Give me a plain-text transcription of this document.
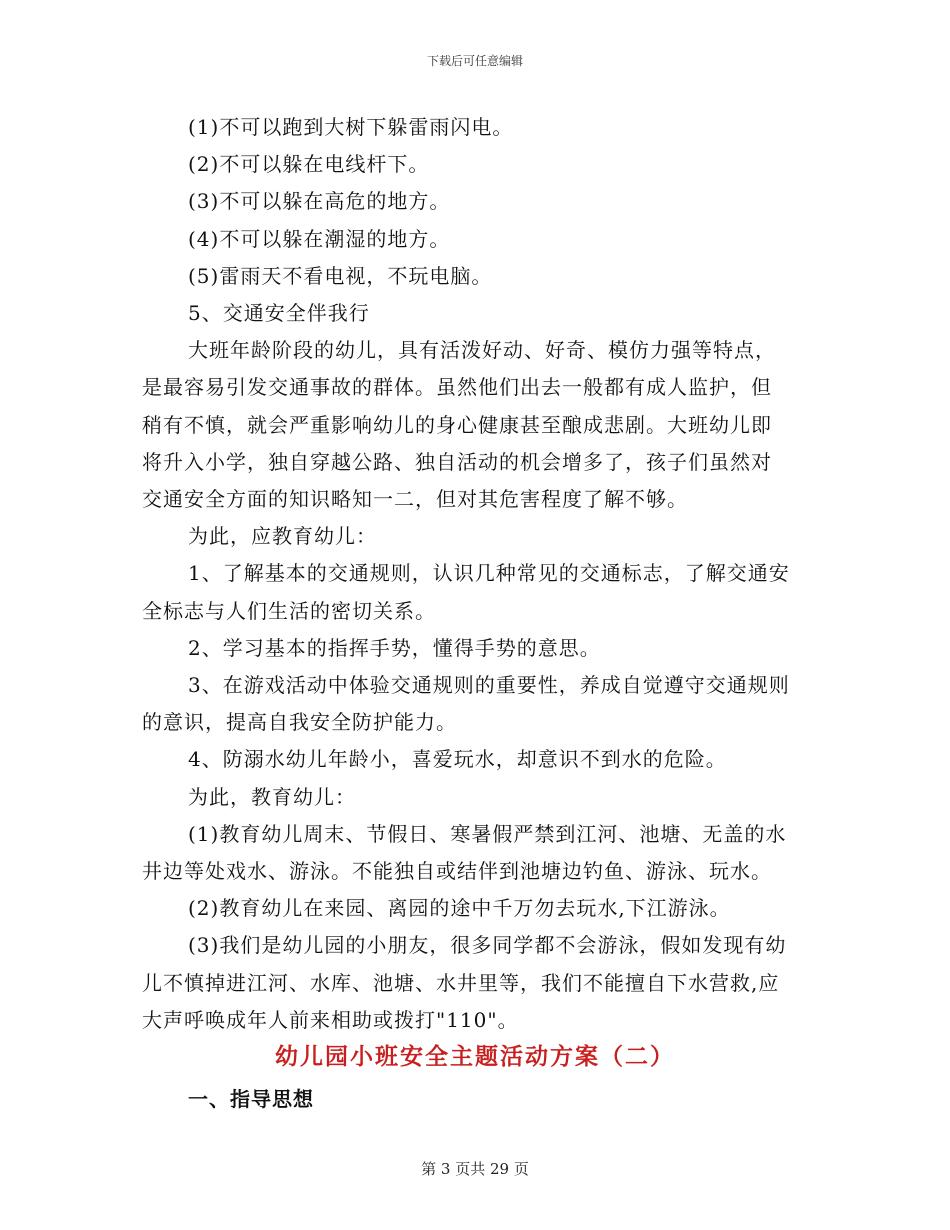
下载后可任意编辑
(1)不可以跑到大树下躲雷雨闪电。
(2)不可以躲在电线杆下。
(3)不可以躲在高危的地方。
(4)不可以躲在潮湿的地方。
(5)雷雨天不看电视，不玩电脑。
5、交通安全伴我行
大班年龄阶段的幼儿，具有活泼好动、好奇、模仿力强等特点，
是最容易引发交通事故的群体。虽然他们出去一般都有成人监护，但
稍有不慎，就会严重影响幼儿的身心健康甚至酿成悲剧。大班幼儿即
将升入小学，独自穿越公路、独自活动的机会增多了，孩子们虽然对
交通安全方面的知识略知一二，但对其危害程度了解不够。
为此，应教育幼儿：
1、了解基本的交通规则，认识几种常见的交通标志，了解交通安
全标志与人们生活的密切关系。
2、学习基本的指挥手势，懂得手势的意思。
3、在游戏活动中体验交通规则的重要性，养成自觉遵守交通规则
的意识，提高自我安全防护能力。
4、防溺水幼儿年龄小，喜爱玩水，却意识不到水的危险。
为此，教育幼儿：
(1)教育幼儿周末、节假日、寒暑假严禁到江河、池塘、无盖的水
井边等处戏水、游泳。不能独自或结伴到池塘边钓鱼、游泳、玩水。
(2)教育幼儿在来园、离园的途中千万勿去玩水,下江游泳。
(3)我们是幼儿园的小朋友，很多同学都不会游泳，假如发现有幼
儿不慎掉进江河、水库、池塘、水井里等，我们不能擅自下水营救,应
大声呼唤成年人前来相助或拨打"110"。
幼儿园小班安全主题活动方案（二）
一、指导思想
第 3 页共 29 页
